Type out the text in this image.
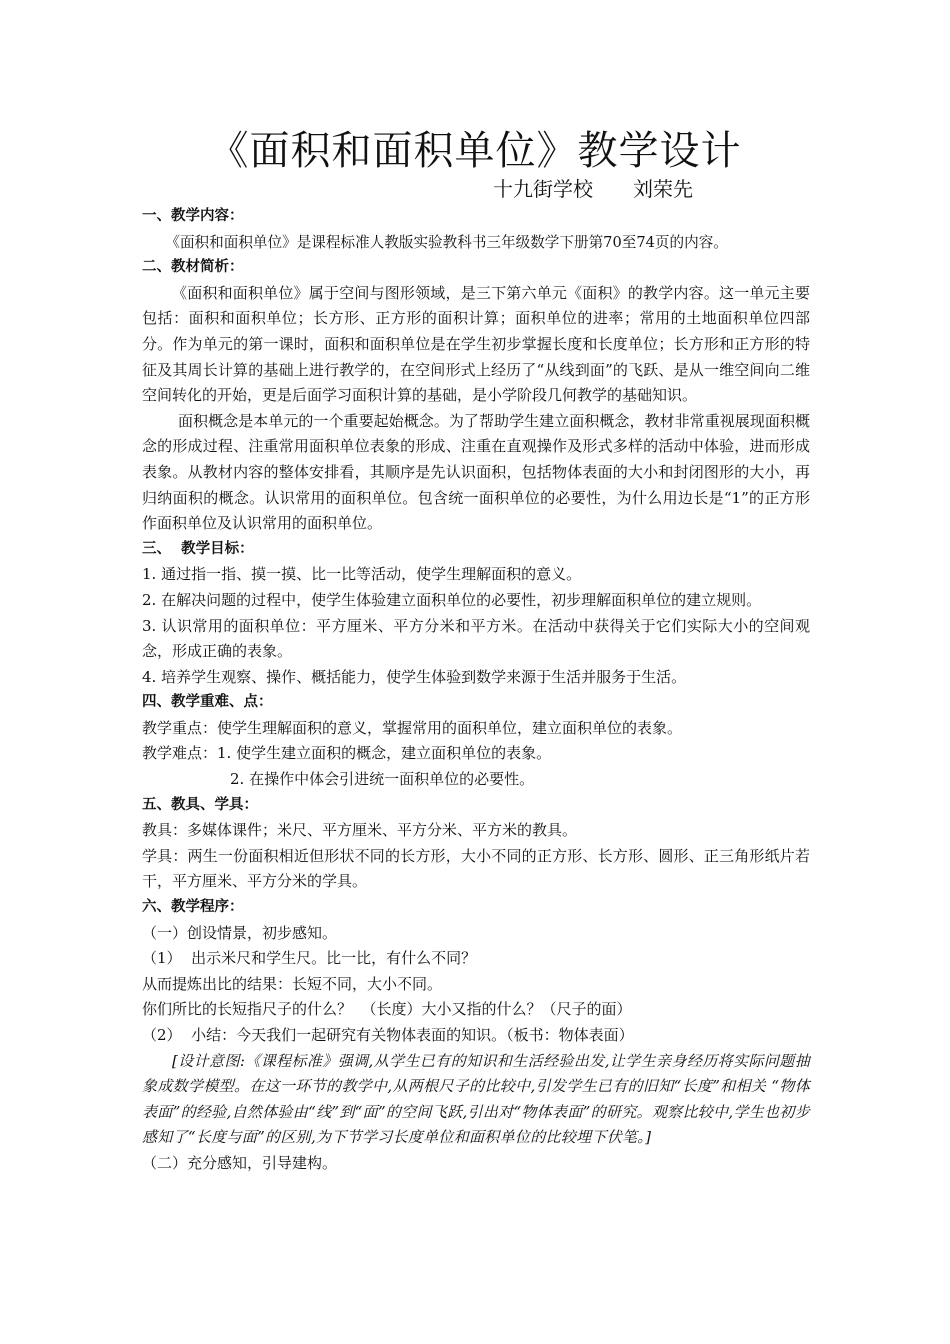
《面积和面积单位》教学设计
十九街学校 刘荣先

一、教学内容：

《面积和面积单位》是课程标准人教版实验教科书三年级数学下册第70至74页的内容。

二、教材简析：

《面积和面积单位》属于空间与图形领域，是三下第六单元《面积》的教学内容。这一单元主要包括：面积和面积单位；长方形、正方形的面积计算；面积单位的进率；常用的土地面积单位四部分。作为单元的第一课时，面积和面积单位是在学生初步掌握长度和长度单位；长方形和正方形的特征及其周长计算的基础上进行教学的，在空间形式上经历了“从线到面”的飞跃、是从一维空间向二维空间转化的开始，更是后面学习面积计算的基础，是小学阶段几何教学的基础知识。

面积概念是本单元的一个重要起始概念。为了帮助学生建立面积概念，教材非常重视展现面积概念的形成过程、注重常用面积单位表象的形成、注重在直观操作及形式多样的活动中体验，进而形成表象。从教材内容的整体安排看，其顺序是先认识面积，包括物体表面的大小和封闭图形的大小，再归纳面积的概念。认识常用的面积单位。包含统一面积单位的必要性，为什么用边长是“1”的正方形作面积单位及认识常用的面积单位。

三、  教学目标：

1. 通过指一指、摸一摸、比一比等活动，使学生理解面积的意义。

2. 在解决问题的过程中，使学生体验建立面积单位的必要性，初步理解面积单位的建立规则。

3. 认识常用的面积单位：平方厘米、平方分米和平方米。在活动中获得关于它们实际大小的空间观念，形成正确的表象。

4. 培养学生观察、操作、概括能力，使学生体验到数学来源于生活并服务于生活。

四、教学重难、点：

教学重点：使学生理解面积的意义，掌握常用的面积单位，建立面积单位的表象。

教学难点：1. 使学生建立面积的概念，建立面积单位的表象。

2. 在操作中体会引进统一面积单位的必要性。

五、教具、学具：

教具：多媒体课件；米尺、平方厘米、平方分米、平方米的教具。

学具：两生一份面积相近但形状不同的长方形，大小不同的正方形、长方形、圆形、正三角形纸片若干，平方厘米、平方分米的学具。

六、教学程序：

（一）创设情景，初步感知。

（1）  出示米尺和学生尺。比一比，有什么不同？

从而提炼出比的结果：长短不同，大小不同。

你们所比的长短指尺子的什么？  （长度）大小又指的什么？（尺子的面）

（2）  小结：今天我们一起研究有关物体表面的知识。（板书：物体表面）

[设计意图:《课程标准》强调,从学生已有的知识和生活经验出发,让学生亲身经历将实际问题抽象成数学模型。在这一环节的教学中,从两根尺子的比较中,引发学生已有的旧知“长度”和相关 “物体表面”的经验,自然体验由“线”到“面”的空间飞跃,引出对“物体表面”的研究。观察比较中,学生也初步感知了“长度与面”的区别,为下节学习长度单位和面积单位的比较埋下伏笔。]

（二）充分感知，引导建构。
